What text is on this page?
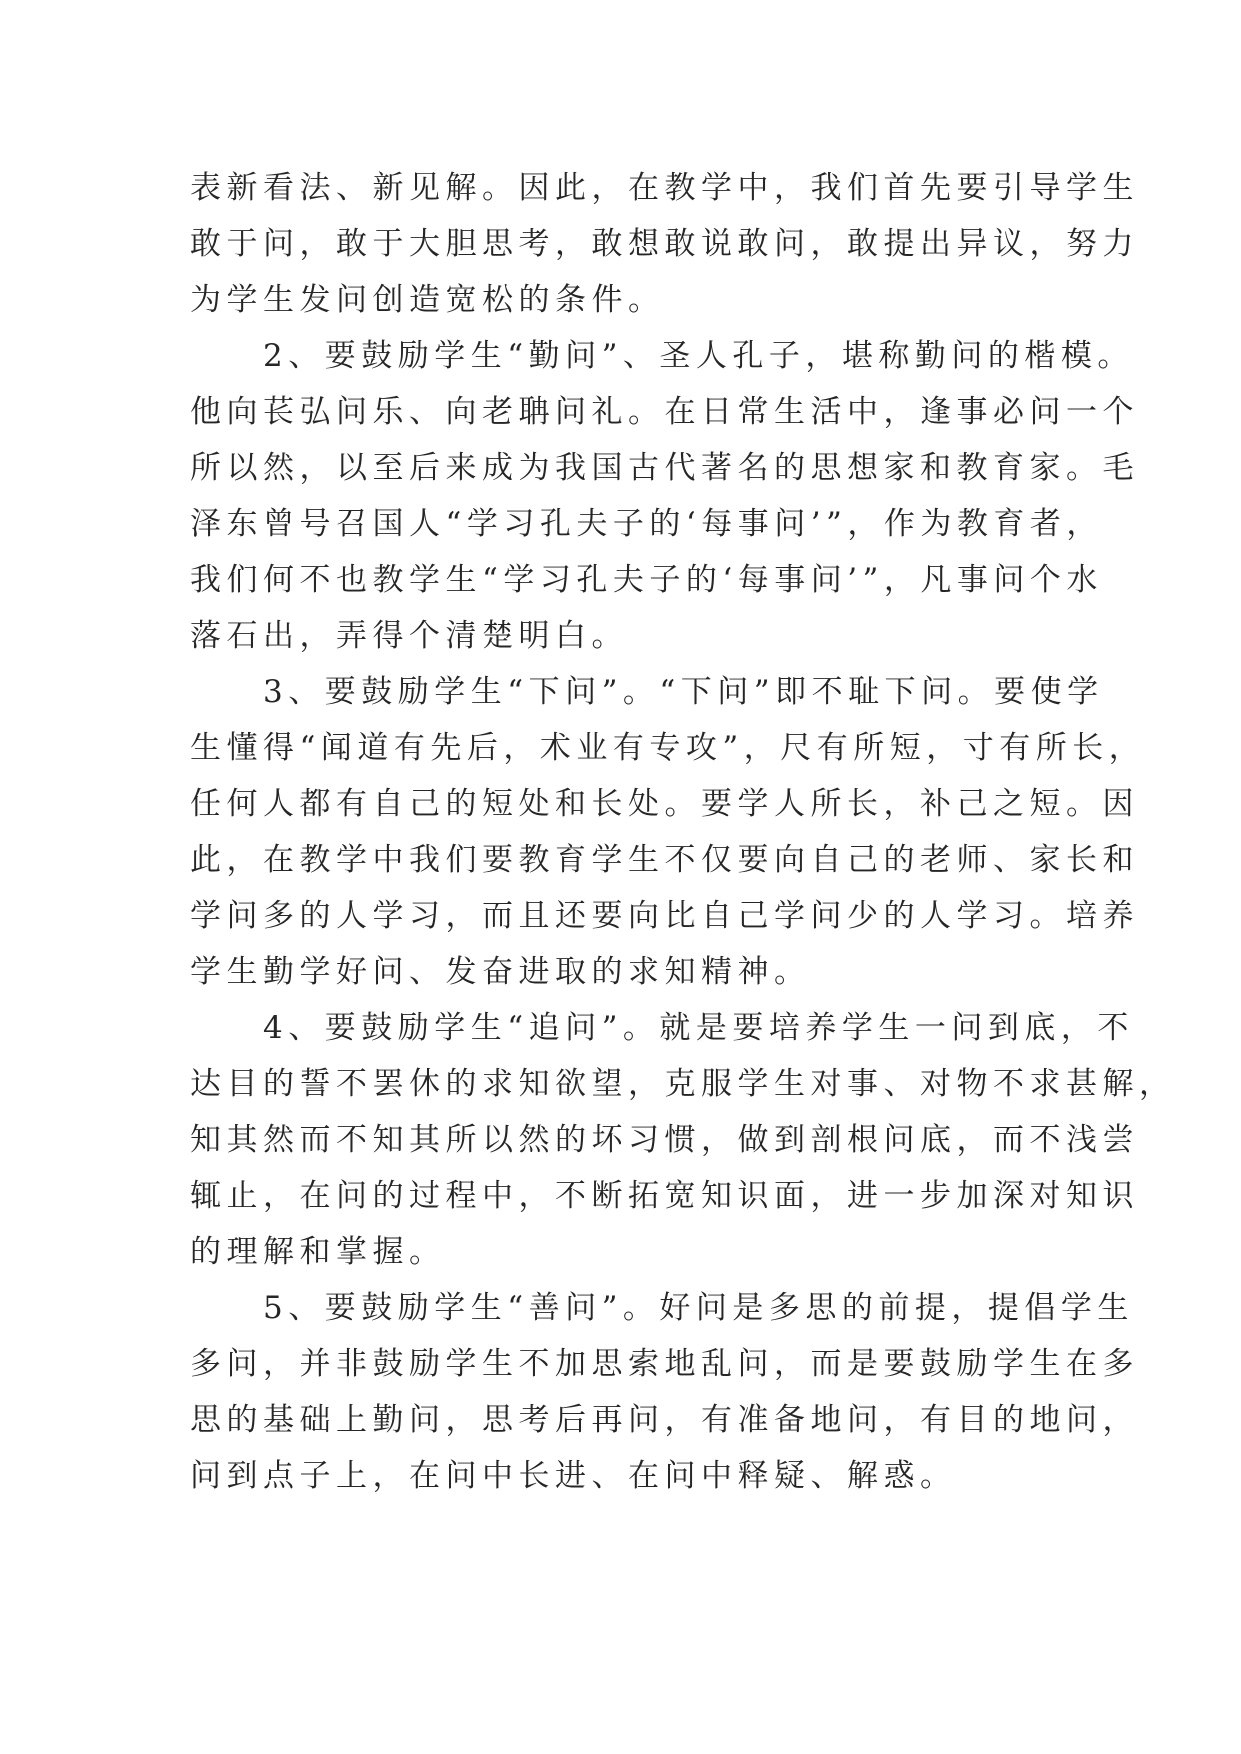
表新看法、新见解。因此，在教学中，我们首先要引导学生
敢于问，敢于大胆思考，敢想敢说敢问，敢提出异议，努力
为学生发问创造宽松的条件。
　　2、要鼓励学生“勤问”、圣人孔子，堪称勤问的楷模。
他向苌弘问乐、向老聃问礼。在日常生活中，逢事必问一个
所以然，以至后来成为我国古代著名的思想家和教育家。毛
泽东曾号召国人“学习孔夫子的‘每事问’”，作为教育者，
我们何不也教学生“学习孔夫子的‘每事问’”，凡事问个水
落石出，弄得个清楚明白。
　　3、要鼓励学生“下问”。“下问”即不耻下问。要使学
生懂得“闻道有先后，术业有专攻”，尺有所短，寸有所长，
任何人都有自己的短处和长处。要学人所长，补己之短。因
此，在教学中我们要教育学生不仅要向自己的老师、家长和
学问多的人学习，而且还要向比自己学问少的人学习。培养
学生勤学好问、发奋进取的求知精神。
　　4、要鼓励学生“追问”。就是要培养学生一问到底，不
达目的誓不罢休的求知欲望，克服学生对事、对物不求甚解，
知其然而不知其所以然的坏习惯，做到剖根问底，而不浅尝
辄止，在问的过程中，不断拓宽知识面，进一步加深对知识
的理解和掌握。
　　5、要鼓励学生“善问”。好问是多思的前提，提倡学生
多问，并非鼓励学生不加思索地乱问，而是要鼓励学生在多
思的基础上勤问，思考后再问，有准备地问，有目的地问，
问到点子上，在问中长进、在问中释疑、解惑。
